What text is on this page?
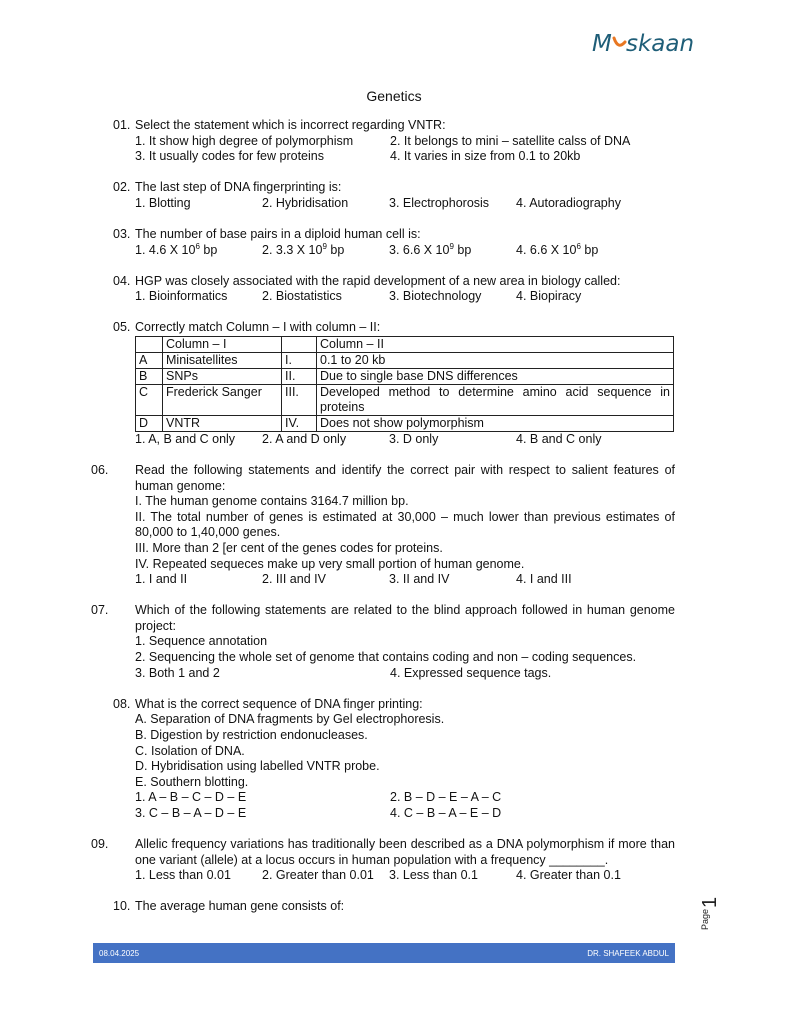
M skaan
Genetics
01. Select the statement which is incorrect regarding VNTR:
1. It show high degree of polymorphism	2. It belongs to mini – satellite calss of DNA
3. It usually codes for few proteins	4. It varies in size from 0.1 to 20kb
02. The last step of DNA fingerprinting is:
1. Blotting	2. Hybridisation	3. Electrophorosis	4. Autoradiography
03. The number of base pairs in a diploid human cell is:
1. 4.6 X $10^6$ bp	2. 3.3 X $10^9$ bp	3. 6.6 X $10^9$ bp	4. 6.6 X $10^6$ bp
04. HGP was closely associated with the rapid development of a new area in biology called:
1. Bioinformatics	2. Biostatistics	3. Biotechnology	4. Biopiracy
05. Correctly match Column – I with column – II:
	Column – I		Column – II
A	Minisatellites	I.	0.1 to 20 kb
B	SNPs	II.	Due to single base DNS differences
C	Frederick Sanger	III.	Developed method to determine amino acid sequence in proteins
D	VNTR	IV.	Does not show polymorphism
1. A, B and C only	2. A and D only	3. D only	4. B and C only
06. Read the following statements and identify the correct pair with respect to salient features of human genome:
I. The human genome contains 3164.7 million bp.
II. The total number of genes is estimated at 30,000 – much lower than previous estimates of 80,000 to 1,40,000 genes.
III. More than 2 [er cent of the genes codes for proteins.
IV. Repeated sequeces make up very small portion of human genome.
1. I and II	2. III and IV	3. II and IV	4. I and III
07. Which of the following statements are related to the blind approach followed in human genome project:
1. Sequence annotation
2. Sequencing the whole set of genome that contains coding and non – coding sequences.
3. Both 1 and 2	4. Expressed sequence tags.
08. What is the correct sequence of DNA finger printing:
A. Separation of DNA fragments by Gel electrophoresis.
B. Digestion by restriction endonucleases.
C. Isolation of DNA.
D. Hybridisation using labelled VNTR probe.
E. Southern blotting.
1. A – B – C – D – E	2. B – D – E – A – C
3. C – B – A – D – E	4. C – B – A – E – D
09. Allelic frequency variations has traditionally been described as a DNA polymorphism if more than one variant (allele) at a locus occurs in human population with a frequency ________.
1. Less than 0.01	2. Greater than 0.01	3. Less than 0.1	4. Greater than 0.1
10. The average human gene consists of:
Page
1
08.04.2025	DR. SHAFEEK ABDUL
